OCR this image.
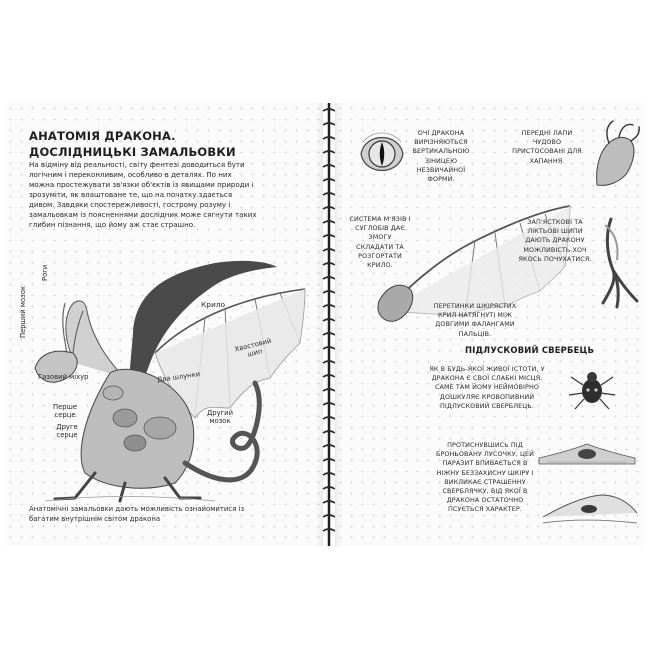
АНАТОМІЯ ДРАКОНА. ДОСЛІДНИЦЬКІ ЗАМАЛЬОВКИ
На відміну від реальності, світу фентезі доводиться бути логічним і переконливим, особливо в деталях. По них можна простежувати зв'язки об'єктів із явищами природи і зрозуміти, як влаштоване те, що на початку здається дивом. Завдяки спостережливості, гострому розуму і замальовкам із поясненнями дослідник може сягнути таких глибин пізнання, що йому аж стає страшно.
Роги
Перший мозок
Газовий міхур
Перше серце
Друге серце
Крило
Хвостовий шип
Два шлунки
Другий мозок
Анатомічні замальовки дають можливість ознайомитися із багатим внутрішнім світом дракона
ОЧІ ДРАКОНА ВИРІЗНЯЮТЬСЯ ВЕРТИКАЛЬНОЮ ЗІНИЦЕЮ НЕЗВИЧАЙНОЇ ФОРМИ.
ПЕРЕДНІ ЛАПИ ЧУДОВО ПРИСТОСОВАНІ ДЛЯ ХАПАННЯ.
СИСТЕМА М'ЯЗІВ І СУГЛОБІВ ДАЄ ЗМОГУ СКЛАДАТИ ТА РОЗГОРТАТИ КРИЛО.
ЗАП'ЯСТКОВІ ТА ЛІКТЬОВІ ШИПИ ДАЮТЬ ДРАКОНУ МОЖЛИВІСТЬ ХОЧ ЯКОСЬ ПОЧУХАТИСЯ.
ПЕРЕТИНКИ ШКІРЯСТИХ КРИЛ НАТЯГНУТІ МІЖ ДОВГИМИ ФАЛАНГАМИ ПАЛЬЦІВ.
ПІДЛУСКОВИЙ СВЕРБЕЦЬ
ЯК В БУДЬ-ЯКОЇ ЖИВОЇ ІСТОТИ, У ДРАКОНА Є СВОЇ СЛАБКІ МІСЦЯ. САМЕ ТАМ ЙОМУ НЕЙМОВІРНО ДОШКУЛЯЄ КРОВОПИВНИЙ ПІДЛУСКОВИЙ СВЕРБЛЕЦЬ.
ПРОТИСНУВШИСЬ ПІД БРОНЬОВАНУ ЛУСОЧКУ, ЦЕЙ ПАРАЗИТ ВПИВАЄТЬСЯ В НІЖНУ БЕЗЗАХИСНУ ШКІРУ І ВИКЛИКАЄ СТРАШЕННУ СВЕРБЛЯЧКУ, ВІД ЯКОЇ В ДРАКОНА ОСТАТОЧНО ПСУЄТЬСЯ ХАРАКТЕР.
